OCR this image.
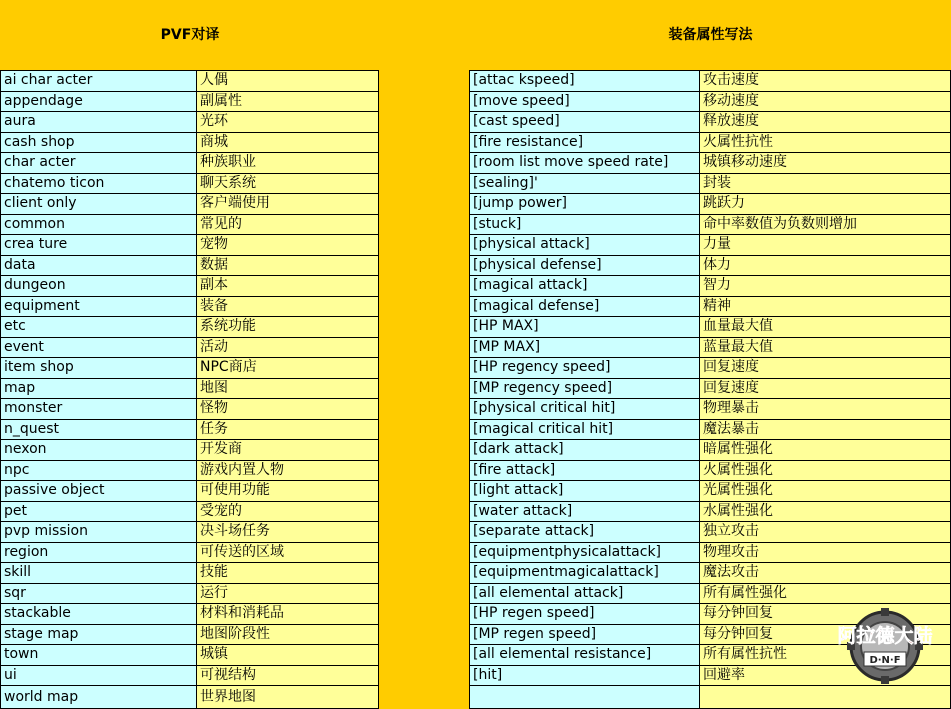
PVF对译	装备属性写法
ai char acter	人偶
appendage	副属性
aura	光环
cash shop	商城
char acter	种族职业
chatemo ticon	聊天系统
client only	客户端使用
common	常见的
crea ture	宠物
data	数据
dungeon	副本
equipment	装备
etc	系统功能
event	活动
item shop	NPC商店
map	地图
monster	怪物
n_quest	任务
nexon	开发商
npc	游戏内置人物
passive object	可使用功能
pet	受宠的
pvp mission	决斗场任务
region	可传送的区域
skill	技能
sqr	运行
stackable	材料和消耗品
stage map	地图阶段性
town	城镇
ui	可视结构
world map	世界地图
[attac kspeed]	攻击速度
[move speed]	移动速度
[cast speed]	释放速度
[fire resistance]	火属性抗性
[room list move speed rate]	城镇移动速度
[sealing]'	封装
[jump power]	跳跃力
[stuck]	命中率数值为负数则增加
[physical attack]	力量
[physical defense]	体力
[magical attack]	智力
[magical defense]	精神
[HP MAX]	血量最大值
[MP MAX]	蓝量最大值
[HP regency speed]	回复速度
[MP regency speed]	回复速度
[physical critical hit]	物理暴击
[magical critical hit]	魔法暴击
[dark attack]	暗属性强化
[fire attack]	火属性强化
[light attack]	光属性强化
[water attack]	水属性强化
[separate attack]	独立攻击
[equipmentphysicalattack]	物理攻击
[equipmentmagicalattack]	魔法攻击
[all elemental attack]	所有属性强化
[HP regen speed]	每分钟回复
[MP regen speed]	每分钟回复
[all elemental resistance]	所有属性抗性
[hit]	回避率

阿拉德大陆
D·N·F
